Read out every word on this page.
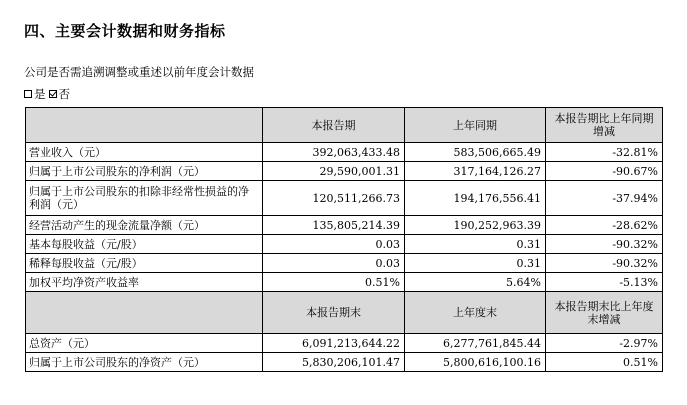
四、主要会计数据和财务指标
公司是否需追溯调整或重述以前年度会计数据
是 否
	本报告期	上年同期	本报告期比上年同期增减
营业收入（元）	392,063,433.48	583,506,665.49	-32.81%
归属于上市公司股东的净利润（元）	29,590,001.31	317,164,126.27	-90.67%
归属于上市公司股东的扣除非经常性损益的净利润（元）	120,511,266.73	194,176,556.41	-37.94%
经营活动产生的现金流量净额（元）	135,805,214.39	190,252,963.39	-28.62%
基本每股收益（元/股）	0.03	0.31	-90.32%
稀释每股收益（元/股）	0.03	0.31	-90.32%
加权平均净资产收益率	0.51%	5.64%	-5.13%
	本报告期末	上年度末	本报告期末比上年度末增减
总资产（元）	6,091,213,644.22	6,277,761,845.44	-2.97%
归属于上市公司股东的净资产（元）	5,830,206,101.47	5,800,616,100.16	0.51%
